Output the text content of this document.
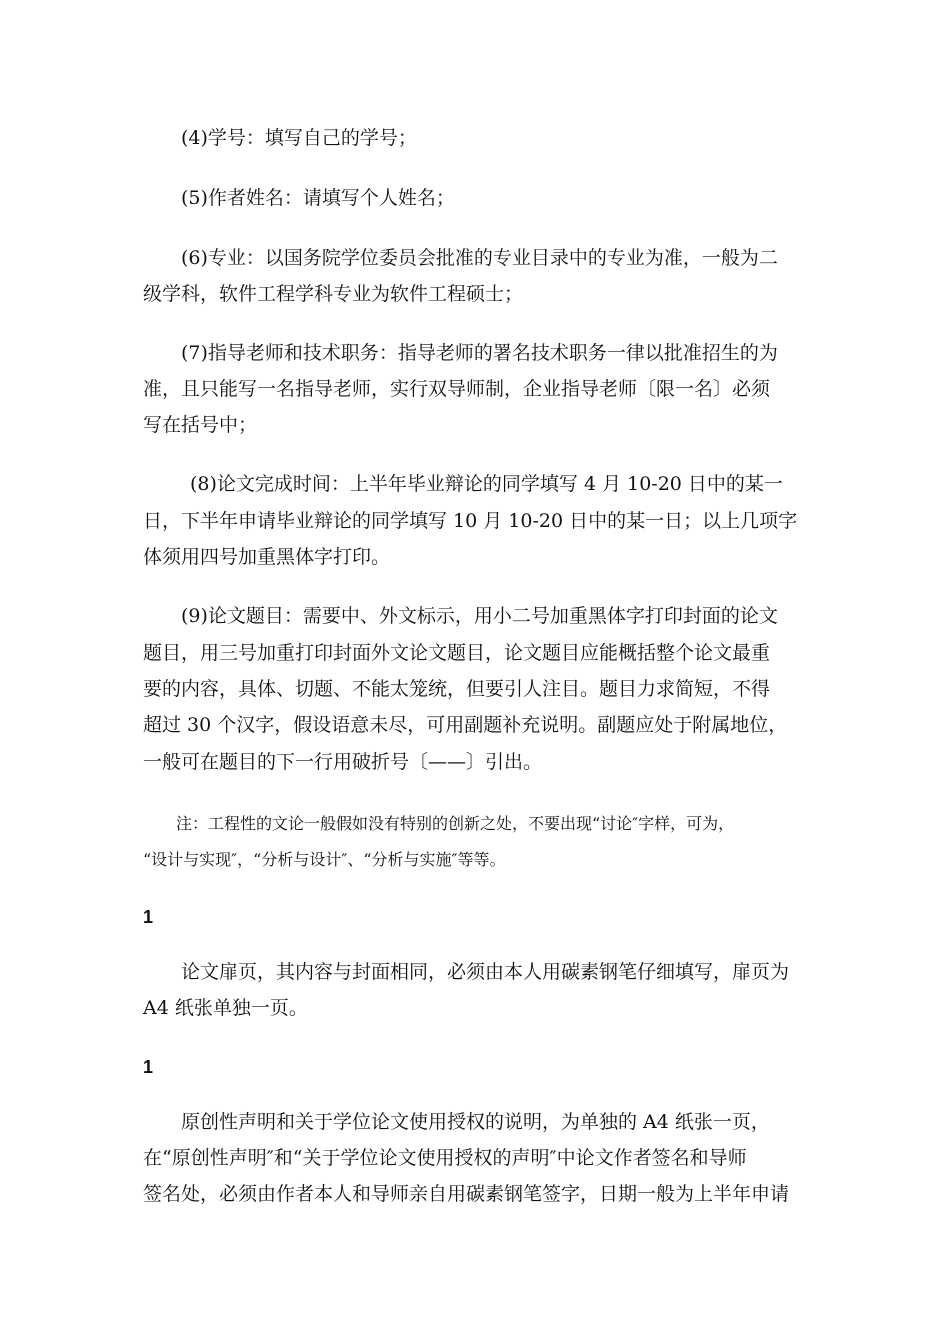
(4)学号：填写自己的学号；
(5)作者姓名：请填写个人姓名；
(6)专业：以国务院学位委员会批准的专业目录中的专业为准，一般为二
级学科，软件工程学科专业为软件工程硕士；
(7)指导老师和技术职务：指导老师的署名技术职务一律以批准招生的为
准，且只能写一名指导老师，实行双导师制，企业指导老师〔限一名〕必须
写在括号中；
(8)论文完成时间：上半年毕业辩论的同学填写 4 月 10-20 日中的某一
日，下半年申请毕业辩论的同学填写 10 月 10-20 日中的某一日；以上几项字
体须用四号加重黑体字打印。
(9)论文题目：需要中、外文标示，用小二号加重黑体字打印封面的论文
题目，用三号加重打印封面外文论文题目，论文题目应能概括整个论文最重
要的内容，具体、切题、不能太笼统，但要引人注目。题目力求简短，不得
超过 30 个汉字，假设语意未尽，可用副题补充说明。副题应处于附属地位，
一般可在题目的下一行用破折号〔——〕引出。
注：工程性的文论一般假如没有特别的创新之处，不要出现“讨论″字样，可为，
“设计与实现″，“分析与设计″、“分析与实施″等等。
1
论文扉页，其内容与封面相同，必须由本人用碳素钢笔仔细填写，扉页为
A4 纸张单独一页。
1
原创性声明和关于学位论文使用授权的说明，为单独的 A4 纸张一页，
在“原创性声明″和“关于学位论文使用授权的声明″中论文作者签名和导师
签名处，必须由作者本人和导师亲自用碳素钢笔签字，日期一般为上半年申请
